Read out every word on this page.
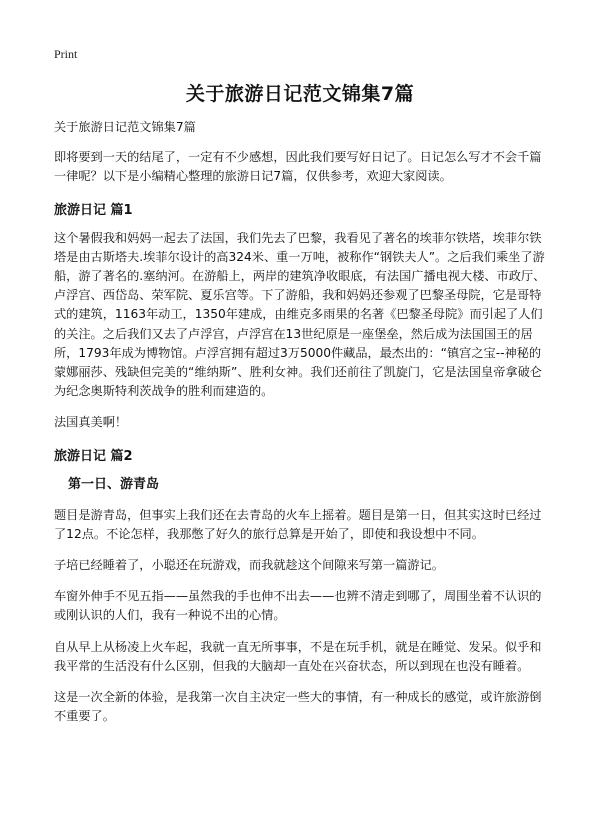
Print
关于旅游日记范文锦集7篇

关于旅游日记范文锦集7篇

即将要到一天的结尾了，一定有不少感想，因此我们要写好日记了。日记怎么写才不会千篇一律呢？以下是小编精心整理的旅游日记7篇，仅供参考，欢迎大家阅读。

旅游日记 篇1

这个暑假我和妈妈一起去了法国，我们先去了巴黎，我看见了著名的埃菲尔铁塔，埃菲尔铁塔是由古斯塔夫.埃菲尔设计的高324米、重一万吨，被称作“钢铁夫人”。之后我们乘坐了游船，游了著名的.塞纳河。在游船上，两岸的建筑净收眼底，有法国广播电视大楼、市政厅、卢浮宫、西岱岛、荣军院、夏乐宫等。下了游船，我和妈妈还参观了巴黎圣母院，它是哥特式的建筑，1163年动工，1350年建成，由维克多雨果的名著《巴黎圣母院》而引起了人们的关注。之后我们又去了卢浮宫，卢浮宫在13世纪原是一座堡垒，然后成为法国国王的居所，1793年成为博物馆。卢浮宫拥有超过3万5000件藏品，最杰出的：“镇宫之宝--神秘的蒙娜丽莎、残缺但完美的“维纳斯”、胜利女神。我们还前往了凯旋门，它是法国皇帝拿破仑为纪念奥斯特利茨战争的胜利而建造的。

法国真美啊！

旅游日记 篇2
第一日、游青岛

题目是游青岛，但事实上我们还在去青岛的火车上摇着。题目是第一日，但其实这时已经过了12点。不论怎样，我那憋了好久的旅行总算是开始了，即使和我设想中不同。

子培已经睡着了，小聪还在玩游戏，而我就趁这个间隙来写第一篇游记。

车窗外伸手不见五指——虽然我的手也伸不出去——也辨不清走到哪了，周围坐着不认识的或刚认识的人们，我有一种说不出的心情。

自从早上从杨凌上火车起，我就一直无所事事，不是在玩手机，就是在睡觉、发呆。似乎和我平常的生活没有什么区别，但我的大脑却一直处在兴奋状态，所以到现在也没有睡着。

这是一次全新的体验，是我第一次自主决定一些大的事情，有一种成长的感觉，或许旅游倒不重要了。
